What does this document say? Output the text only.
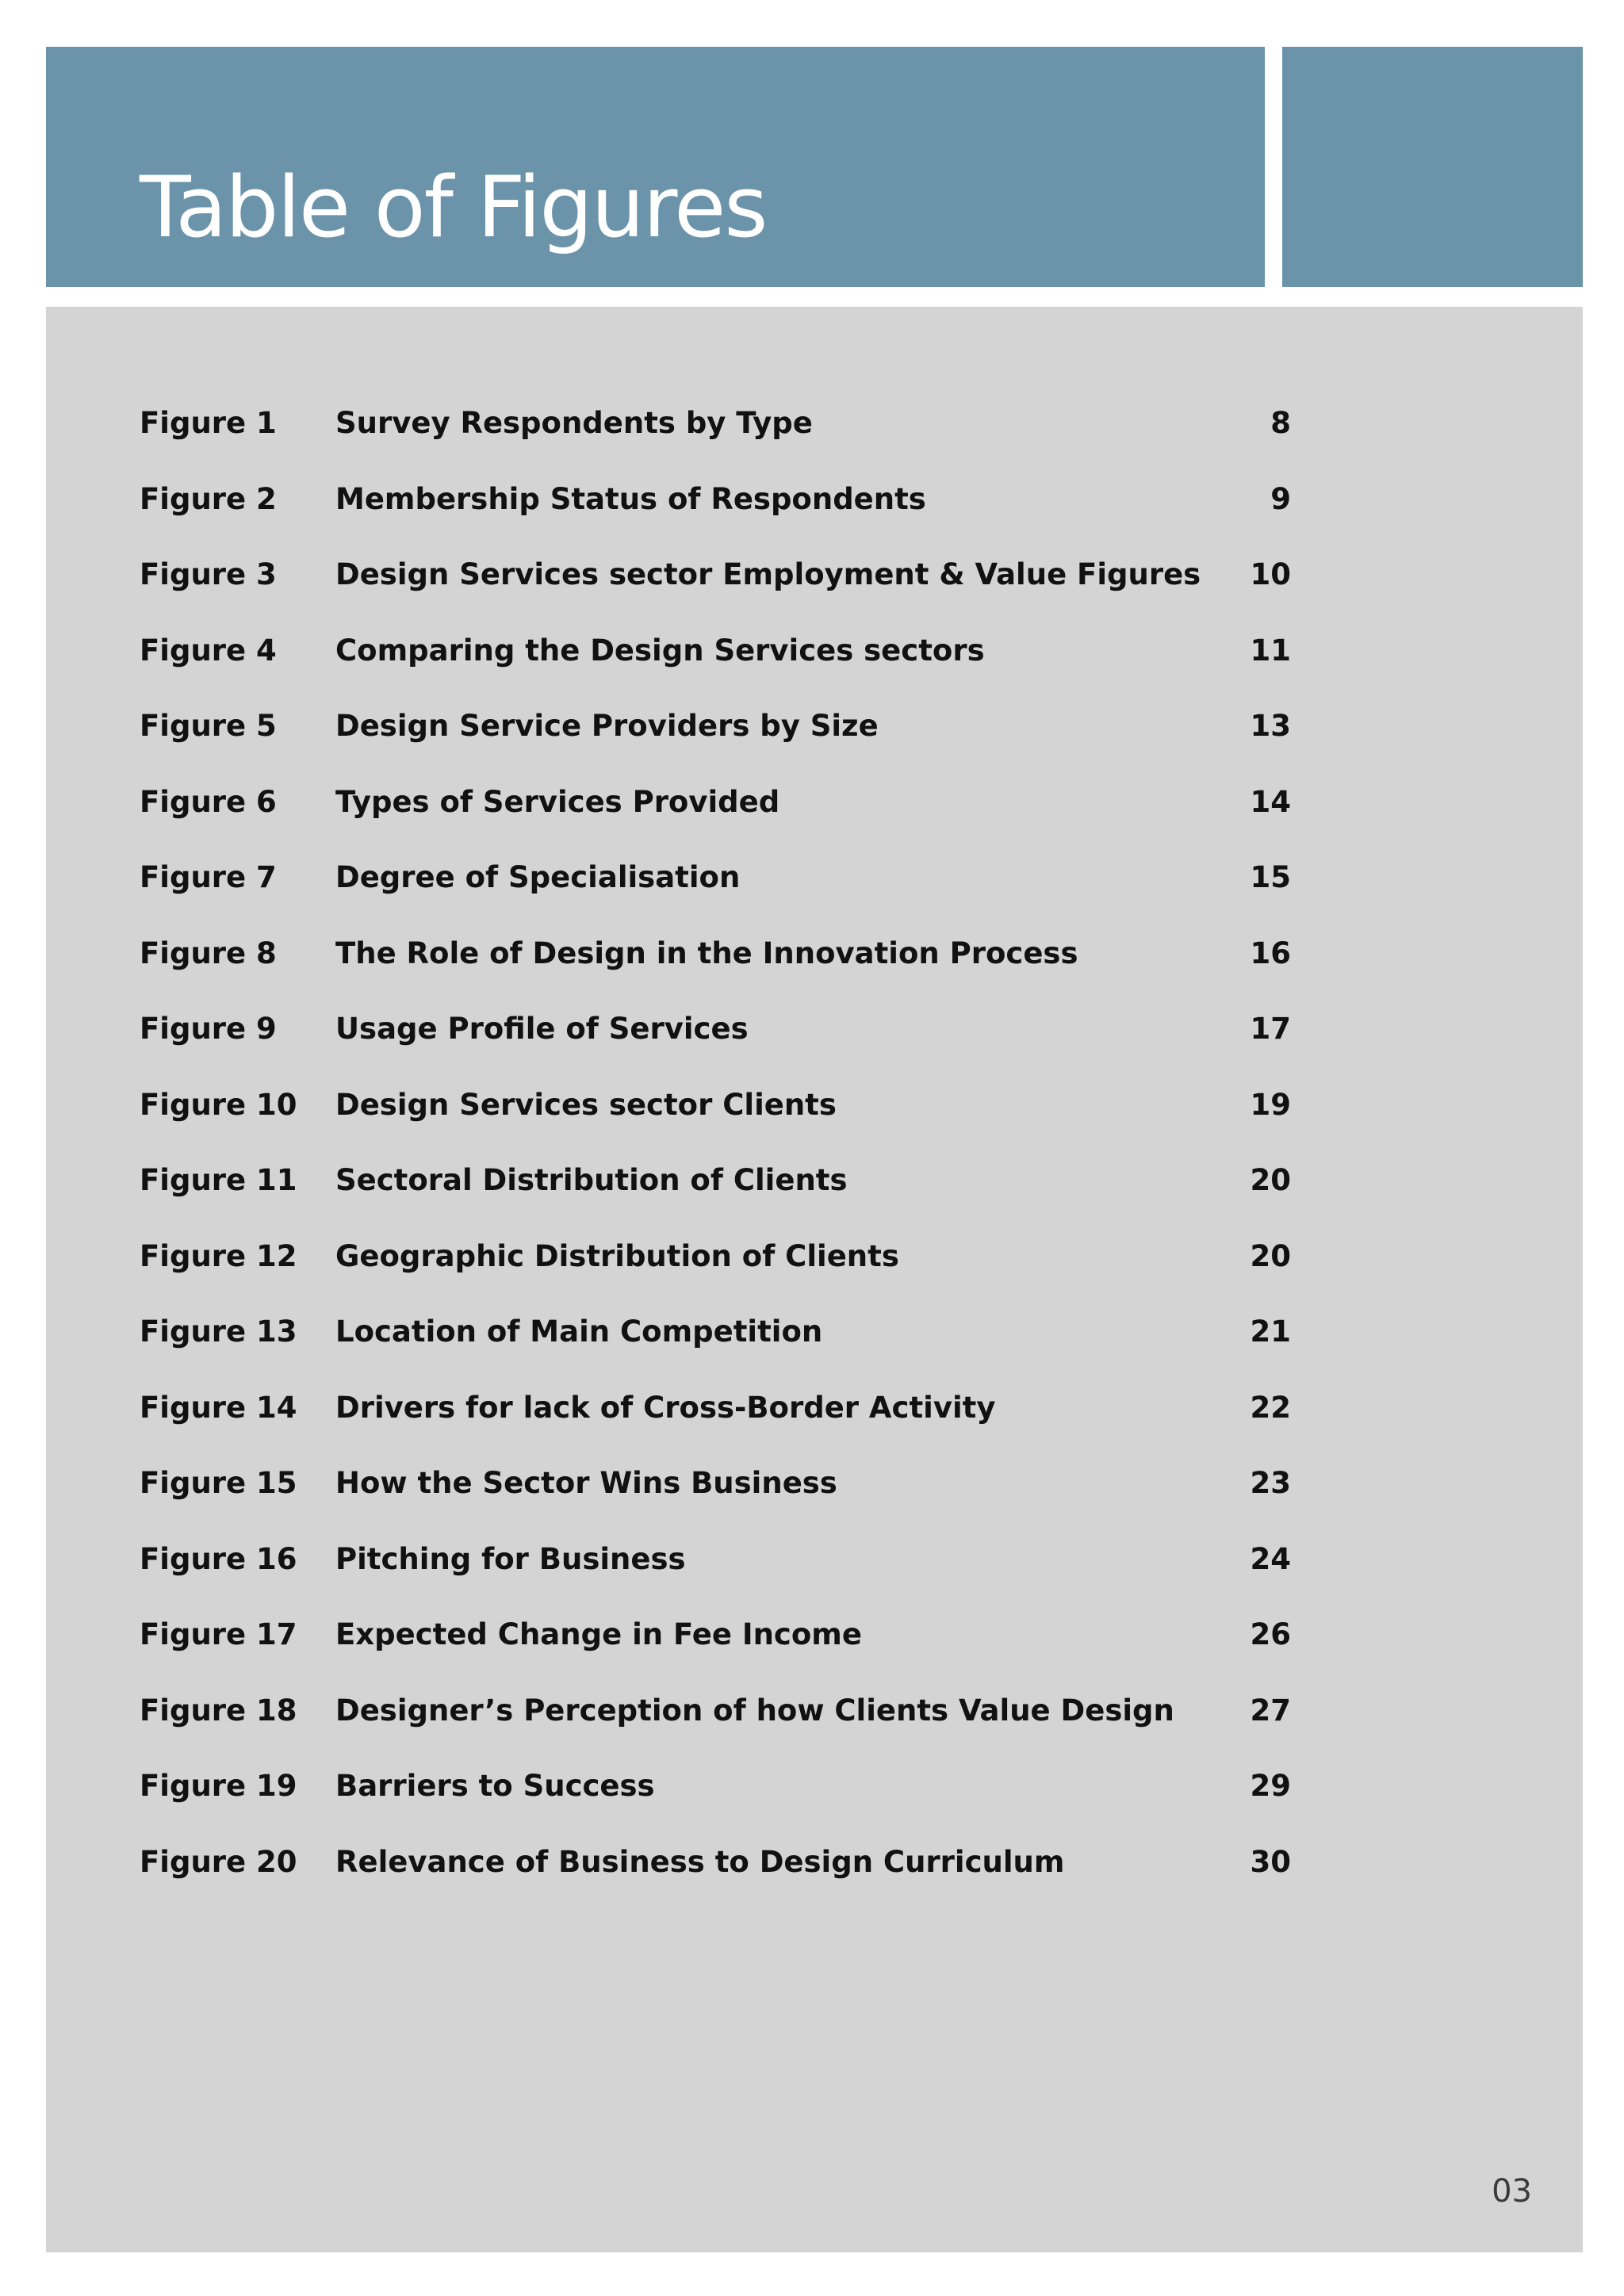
Table of Figures
Figure 1 Survey Respondents by Type	8
Figure 2 Membership Status of Respondents	9
Figure 3 Design Services sector Employment & Value Figures 10
Figure 4 Comparing the Design Services sectors	11
Figure 5 Design Service Providers by Size	13
Figure 6 Types of Services Provided	14
Figure 7 Degree of Specialisation	15
Figure 8 The Role of Design in the Innovation Process	16
Figure 9 Usage Profile of Services	17
Figure 10 Design Services sector Clients	19
Figure 11 Sectoral Distribution of Clients	20
Figure 12 Geographic Distribution of Clients	20
Figure 13 Location of Main Competition	21
Figure 14 Drivers for lack of Cross-Border Activity	22
Figure 15 How the Sector Wins Business	23
Figure 16 Pitching for Business	24
Figure 17 Expected Change in Fee Income	26
Figure 18 Designer’s Perception of how Clients Value Design	27
Figure 19 Barriers to Success	29
Figure 20 Relevance of Business to Design Curriculum	30
03
